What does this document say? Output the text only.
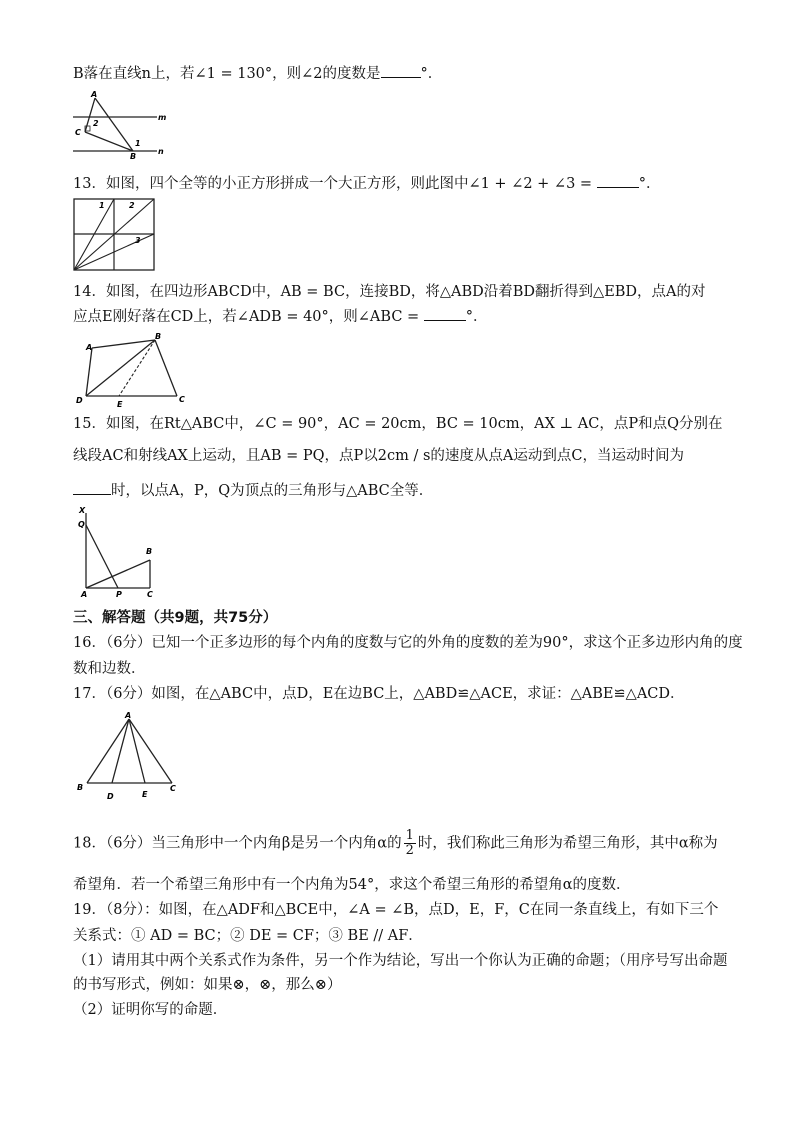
B落在直线n上，若∠1 = 130°，则∠2的度数是	°．
A
C
B
m
n
2
1
13．如图，四个全等的小正方形拼成一个大正方形，则此图中∠1 + ∠2 + ∠3 =	°．
1	2
3
14．如图，在四边形ABCD中，AB = BC，连接BD，将△ABD沿着BD翻折得到△EBD，点A的对
应点E刚好落在CD上，若∠ADB = 40°，则∠ABC =	°．
A
B
C
D	E
15．如图，在Rt△ABC中，∠C = 90°，AC = 20cm，BC = 10cm，AX ⊥ AC，点P和点Q分别在
线段AC和射线AX上运动，且AB = PQ，点P以2cm / s的速度从点A运动到点C，当运动时间为
时，以点A，P，Q为顶点的三角形与△ABC全等．
X
Q
B
A	P	C
三、解答题（共9题，共75分）
16．（6分）已知一个正多边形的每个内角的度数与它的外角的度数的差为90°，求这个正多边形内角的度
数和边数．
17．（6分）如图，在△ABC中，点D，E在边BC上，△ABD≌△ACE，求证：△ABE≌△ACD．
A
B
D	E
C
18．（6分）当三角形中一个内角β是另一个内角α的 $\frac{1}{2}$ 时，我们称此三角形为希望三角形，其中α称为
希望角．若一个希望三角形中有一个内角为54°，求这个希望三角形的希望角α的度数．
19．（8分）：如图，在△ADF和△BCE中，∠A = ∠B，点D，E，F，C在同一条直线上，有如下三个
关系式：① AD = BC；② DE = CF；③ BE // AF．
（1）请用其中两个关系式作为条件，另一个作为结论，写出一个你认为正确的命题；（用序号写出命题
的书写形式，例如：如果⊗，⊗，那么⊗）
（2）证明你写的命题．
